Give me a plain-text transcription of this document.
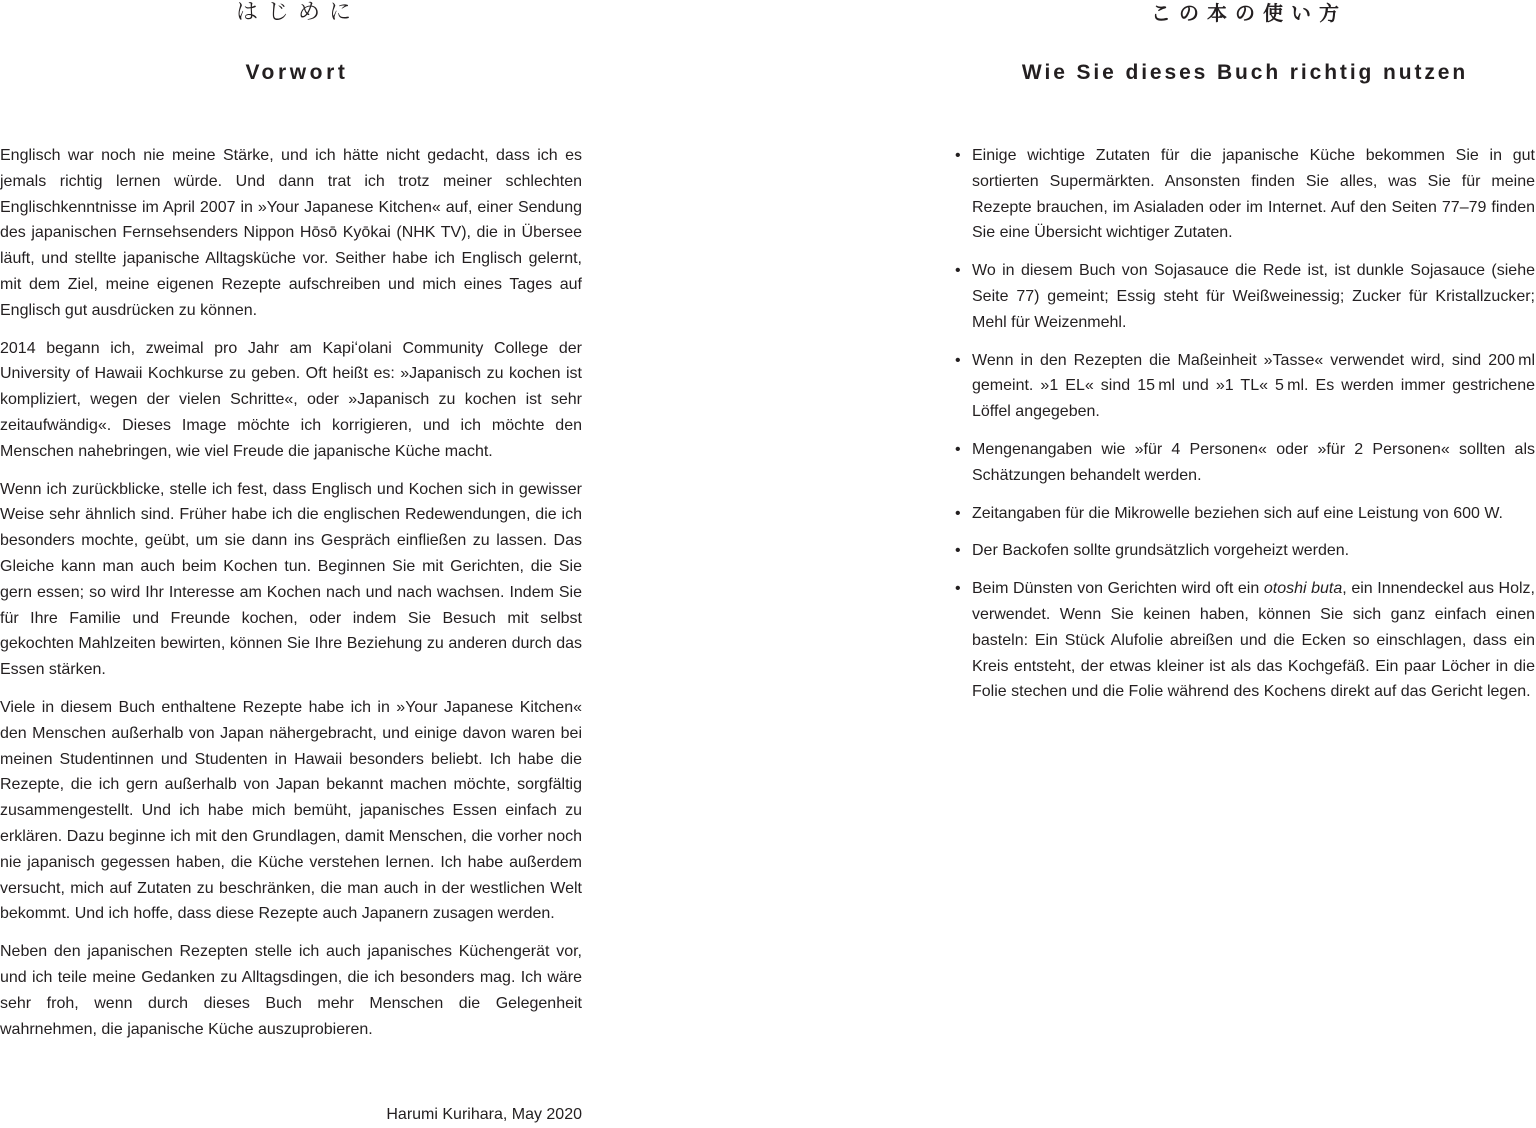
はじめに
Vorwort

Englisch war noch nie meine Stärke, und ich hätte nicht gedacht, dass ich es jemals richtig lernen würde. Und dann trat ich trotz meiner schlechten Englischkenntnisse im April 2007 in »Your Japanese Kitchen« auf, einer Sendung des japanischen Fernsehsenders Nippon Hōsō Kyōkai (NHK TV), die in Übersee läuft, und stellte japanische Alltagsküche vor. Seither habe ich Englisch gelernt, mit dem Ziel, meine eigenen Rezepte aufschreiben und mich eines Tages auf Englisch gut ausdrücken zu können.

2014 begann ich, zweimal pro Jahr am Kapiʻolani Community College der University of Hawaii Kochkurse zu geben. Oft heißt es: »Japanisch zu kochen ist kompliziert, wegen der vielen Schritte«, oder »Japanisch zu kochen ist sehr zeitaufwändig«. Dieses Image möchte ich korrigieren, und ich möchte den Menschen nahebringen, wie viel Freude die japanische Küche macht.

Wenn ich zurückblicke, stelle ich fest, dass Englisch und Kochen sich in gewisser Weise sehr ähnlich sind. Früher habe ich die englischen Redewendungen, die ich besonders mochte, geübt, um sie dann ins Gespräch einfließen zu lassen. Das Gleiche kann man auch beim Kochen tun. Beginnen Sie mit Gerichten, die Sie gern essen; so wird Ihr Interesse am Kochen nach und nach wachsen. Indem Sie für Ihre Familie und Freunde kochen, oder indem Sie Besuch mit selbst gekochten Mahlzeiten bewirten, können Sie Ihre Beziehung zu anderen durch das Essen stärken.

Viele in diesem Buch enthaltene Rezepte habe ich in »Your Japanese Kitchen« den Menschen außerhalb von Japan nähergebracht, und einige davon waren bei meinen Studentinnen und Studenten in Hawaii besonders beliebt. Ich habe die Rezepte, die ich gern außerhalb von Japan bekannt machen möchte, sorgfältig zusammengestellt. Und ich habe mich bemüht, japanisches Essen einfach zu erklären. Dazu beginne ich mit den Grundlagen, damit Menschen, die vorher noch nie japanisch gegessen haben, die Küche verstehen lernen. Ich habe außerdem versucht, mich auf Zutaten zu beschränken, die man auch in der westlichen Welt bekommt. Und ich hoffe, dass diese Rezepte auch Japanern zusagen werden.

Neben den japanischen Rezepten stelle ich auch japanisches Küchengerät vor, und ich teile meine Gedanken zu Alltagsdingen, die ich besonders mag. Ich wäre sehr froh, wenn durch dieses Buch mehr Menschen die Gelegenheit wahrnehmen, die japanische Küche auszuprobieren.

Harumi Kurihara, May 2020
この本の使い方
Wie Sie dieses Buch richtig nutzen
• Einige wichtige Zutaten für die japanische Küche bekommen Sie in gut sortierten Supermärkten. Ansonsten finden Sie alles, was Sie für meine Rezepte brauchen, im Asialaden oder im Internet. Auf den Seiten 77–79 finden Sie eine Übersicht wichtiger Zutaten.
• Wo in diesem Buch von Sojasauce die Rede ist, ist dunkle Sojasauce (siehe Seite 77) gemeint; Essig steht für Weißweinessig; Zucker für Kristallzucker; Mehl für Weizenmehl.
• Wenn in den Rezepten die Maßeinheit »Tasse« verwendet wird, sind 200 ml gemeint. »1 EL« sind 15 ml und »1 TL« 5 ml. Es werden immer gestrichene Löffel angegeben.
• Mengenangaben wie »für 4 Personen« oder »für 2 Personen« sollten als Schätzungen behandelt werden.
• Zeitangaben für die Mikrowelle beziehen sich auf eine Leistung von 600 W.
• Der Backofen sollte grundsätzlich vorgeheizt werden.
• Beim Dünsten von Gerichten wird oft ein otoshi buta, ein Innendeckel aus Holz, verwendet. Wenn Sie keinen haben, können Sie sich ganz einfach einen basteln: Ein Stück Alufolie abreißen und die Ecken so einschlagen, dass ein Kreis entsteht, der etwas kleiner ist als das Kochgefäß. Ein paar Löcher in die Folie stechen und die Folie während des Kochens direkt auf das Gericht legen.
